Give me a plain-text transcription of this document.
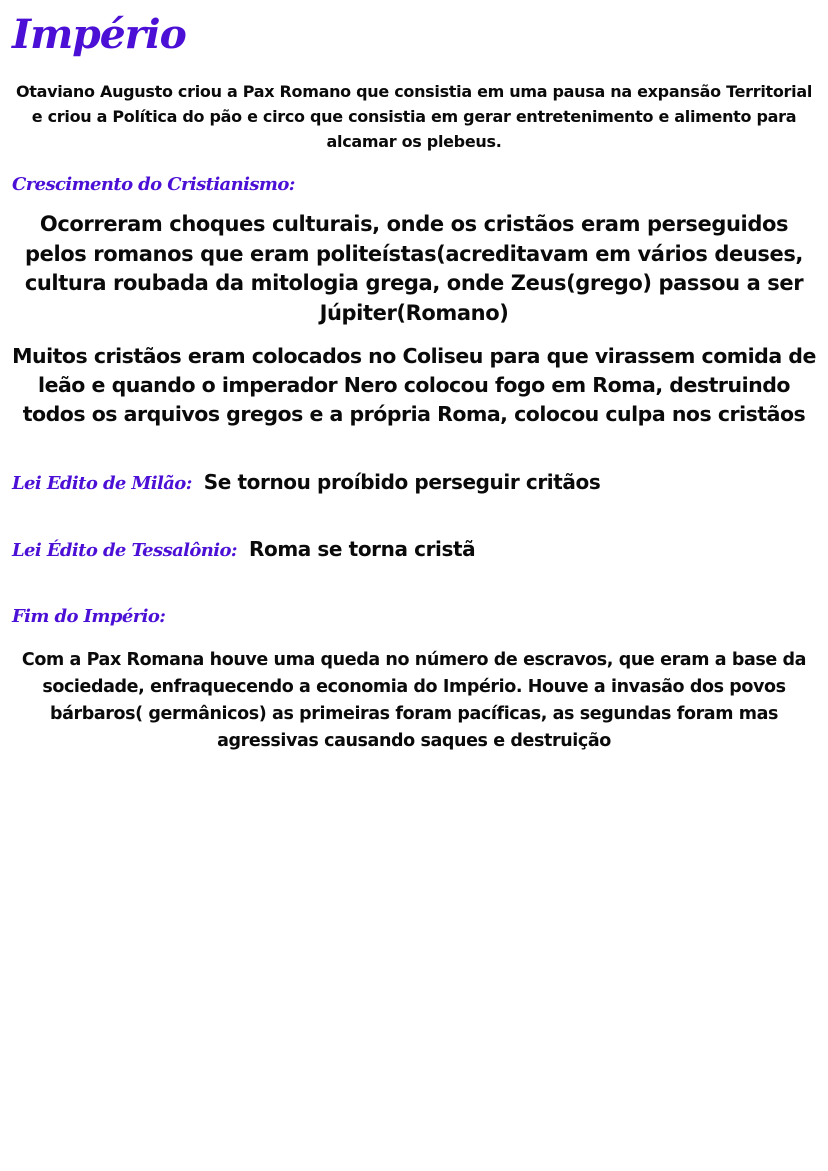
Império

Otaviano Augusto criou a Pax Romano que consistia em uma pausa na expansão Territorial e criou a Política do pão e circo que consistia em gerar entretenimento e alimento para alcamar os plebeus.

Crescimento do Cristianismo:

Ocorreram choques culturais, onde os cristãos eram perseguidos pelos romanos que eram politeístas(acreditavam em vários deuses, cultura roubada da mitologia grega, onde Zeus(grego) passou a ser Júpiter(Romano)

Muitos cristãos eram colocados no Coliseu para que virassem comida de leão e quando o imperador Nero colocou fogo em Roma, destruindo todos os arquivos gregos e a própria Roma, colocou culpa nos cristãos

Lei Edito de Milão: Se tornou proíbido perseguir critãos
Lei Édito de Tessalônio: Roma se torna cristã
Fim do Império:

Com a Pax Romana houve uma queda no número de escravos, que eram a base da sociedade, enfraquecendo a economia do Império. Houve a invasão dos povos bárbaros( germânicos) as primeiras foram pacíficas, as segundas foram mas agressivas causando saques e destruição
